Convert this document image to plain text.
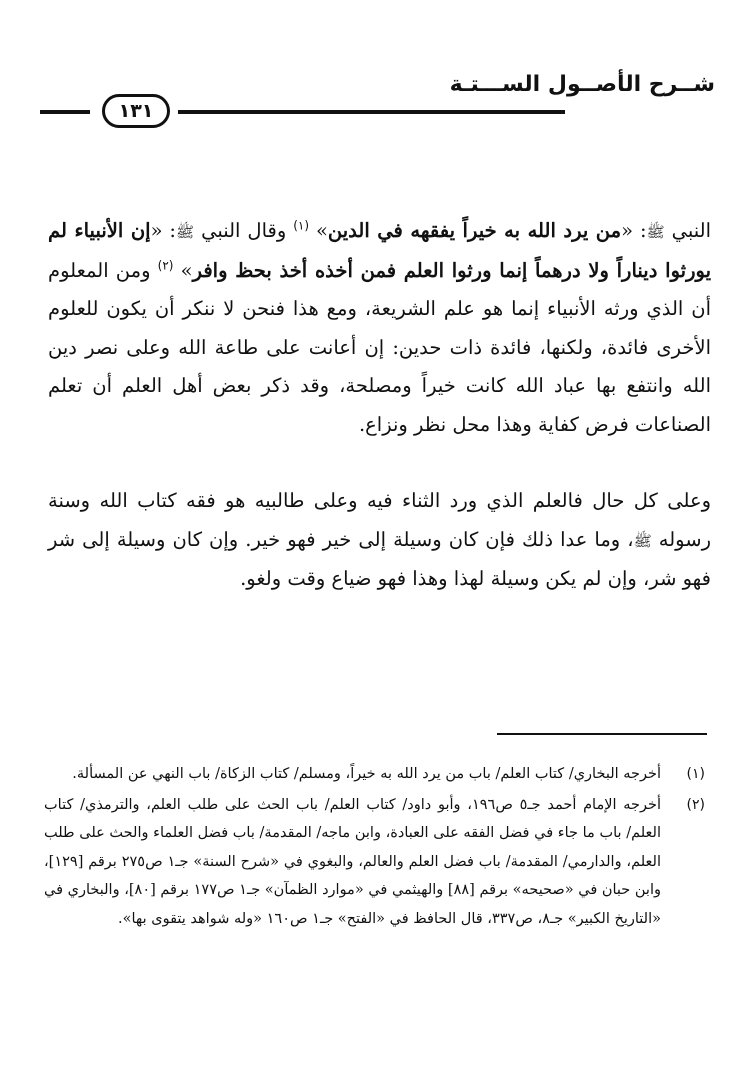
شــرح الأصــول الســـتـة
١٣١

النبي ﷺ: «من يرد الله به خيراً يفقهه في الدين» $^{(١)}$ وقال النبي ﷺ: «إن الأنبياء لم يورثوا ديناراً ولا درهماً إنما ورثوا العلم فمن أخذه أخذ بحظ وافر» $^{(٢)}$ ومن المعلوم أن الذي ورثه الأنبياء إنما هو علم الشريعة، ومع هذا فنحن لا ننكر أن يكون للعلوم الأخرى فائدة، ولكنها، فائدة ذات حدين: إن أعانت على طاعة الله وعلى نصر دين الله وانتفع بها عباد الله كانت خيراً ومصلحة، وقد ذكر بعض أهل العلم أن تعلم الصناعات فرض كفاية وهذا محل نظر ونزاع.

وعلى كل حال فالعلم الذي ورد الثناء فيه وعلى طالبيه هو فقه كتاب الله وسنة رسوله ﷺ، وما عدا ذلك فإن كان وسيلة إلى خير فهو خير. وإن كان وسيلة إلى شر فهو شر، وإن لم يكن وسيلة لهذا وهذا فهو ضياع وقت ولغو.

(١)
أخرجه البخاري/ كتاب العلم/ باب من يرد الله به خيراً، ومسلم/ كتاب الزكاة/ باب النهي عن المسألة.
(٢)
أخرجه الإمام أحمد جـ٥ ص١٩٦، وأبو داود/ كتاب العلم/ باب الحث على طلب العلم، والترمذي/ كتاب العلم/ باب ما جاء في فضل الفقه على العبادة، وابن ماجه/ المقدمة/ باب فضل العلماء والحث على طلب العلم، والدارمي/ المقدمة/ باب فضل العلم والعالم، والبغوي في «شرح السنة» جـ١ ص٢٧٥ برقم [١٢٩]، وابن حبان في «صحيحه» برقم [٨٨] والهيثمي في «موارد الظمآن» جـ١ ص١٧٧ برقم [٨٠]، والبخاري في «التاريخ الكبير» جـ٨، ص٣٣٧، قال الحافظ في «الفتح» جـ١ ص١٦٠ «وله شواهد يتقوى بها».
